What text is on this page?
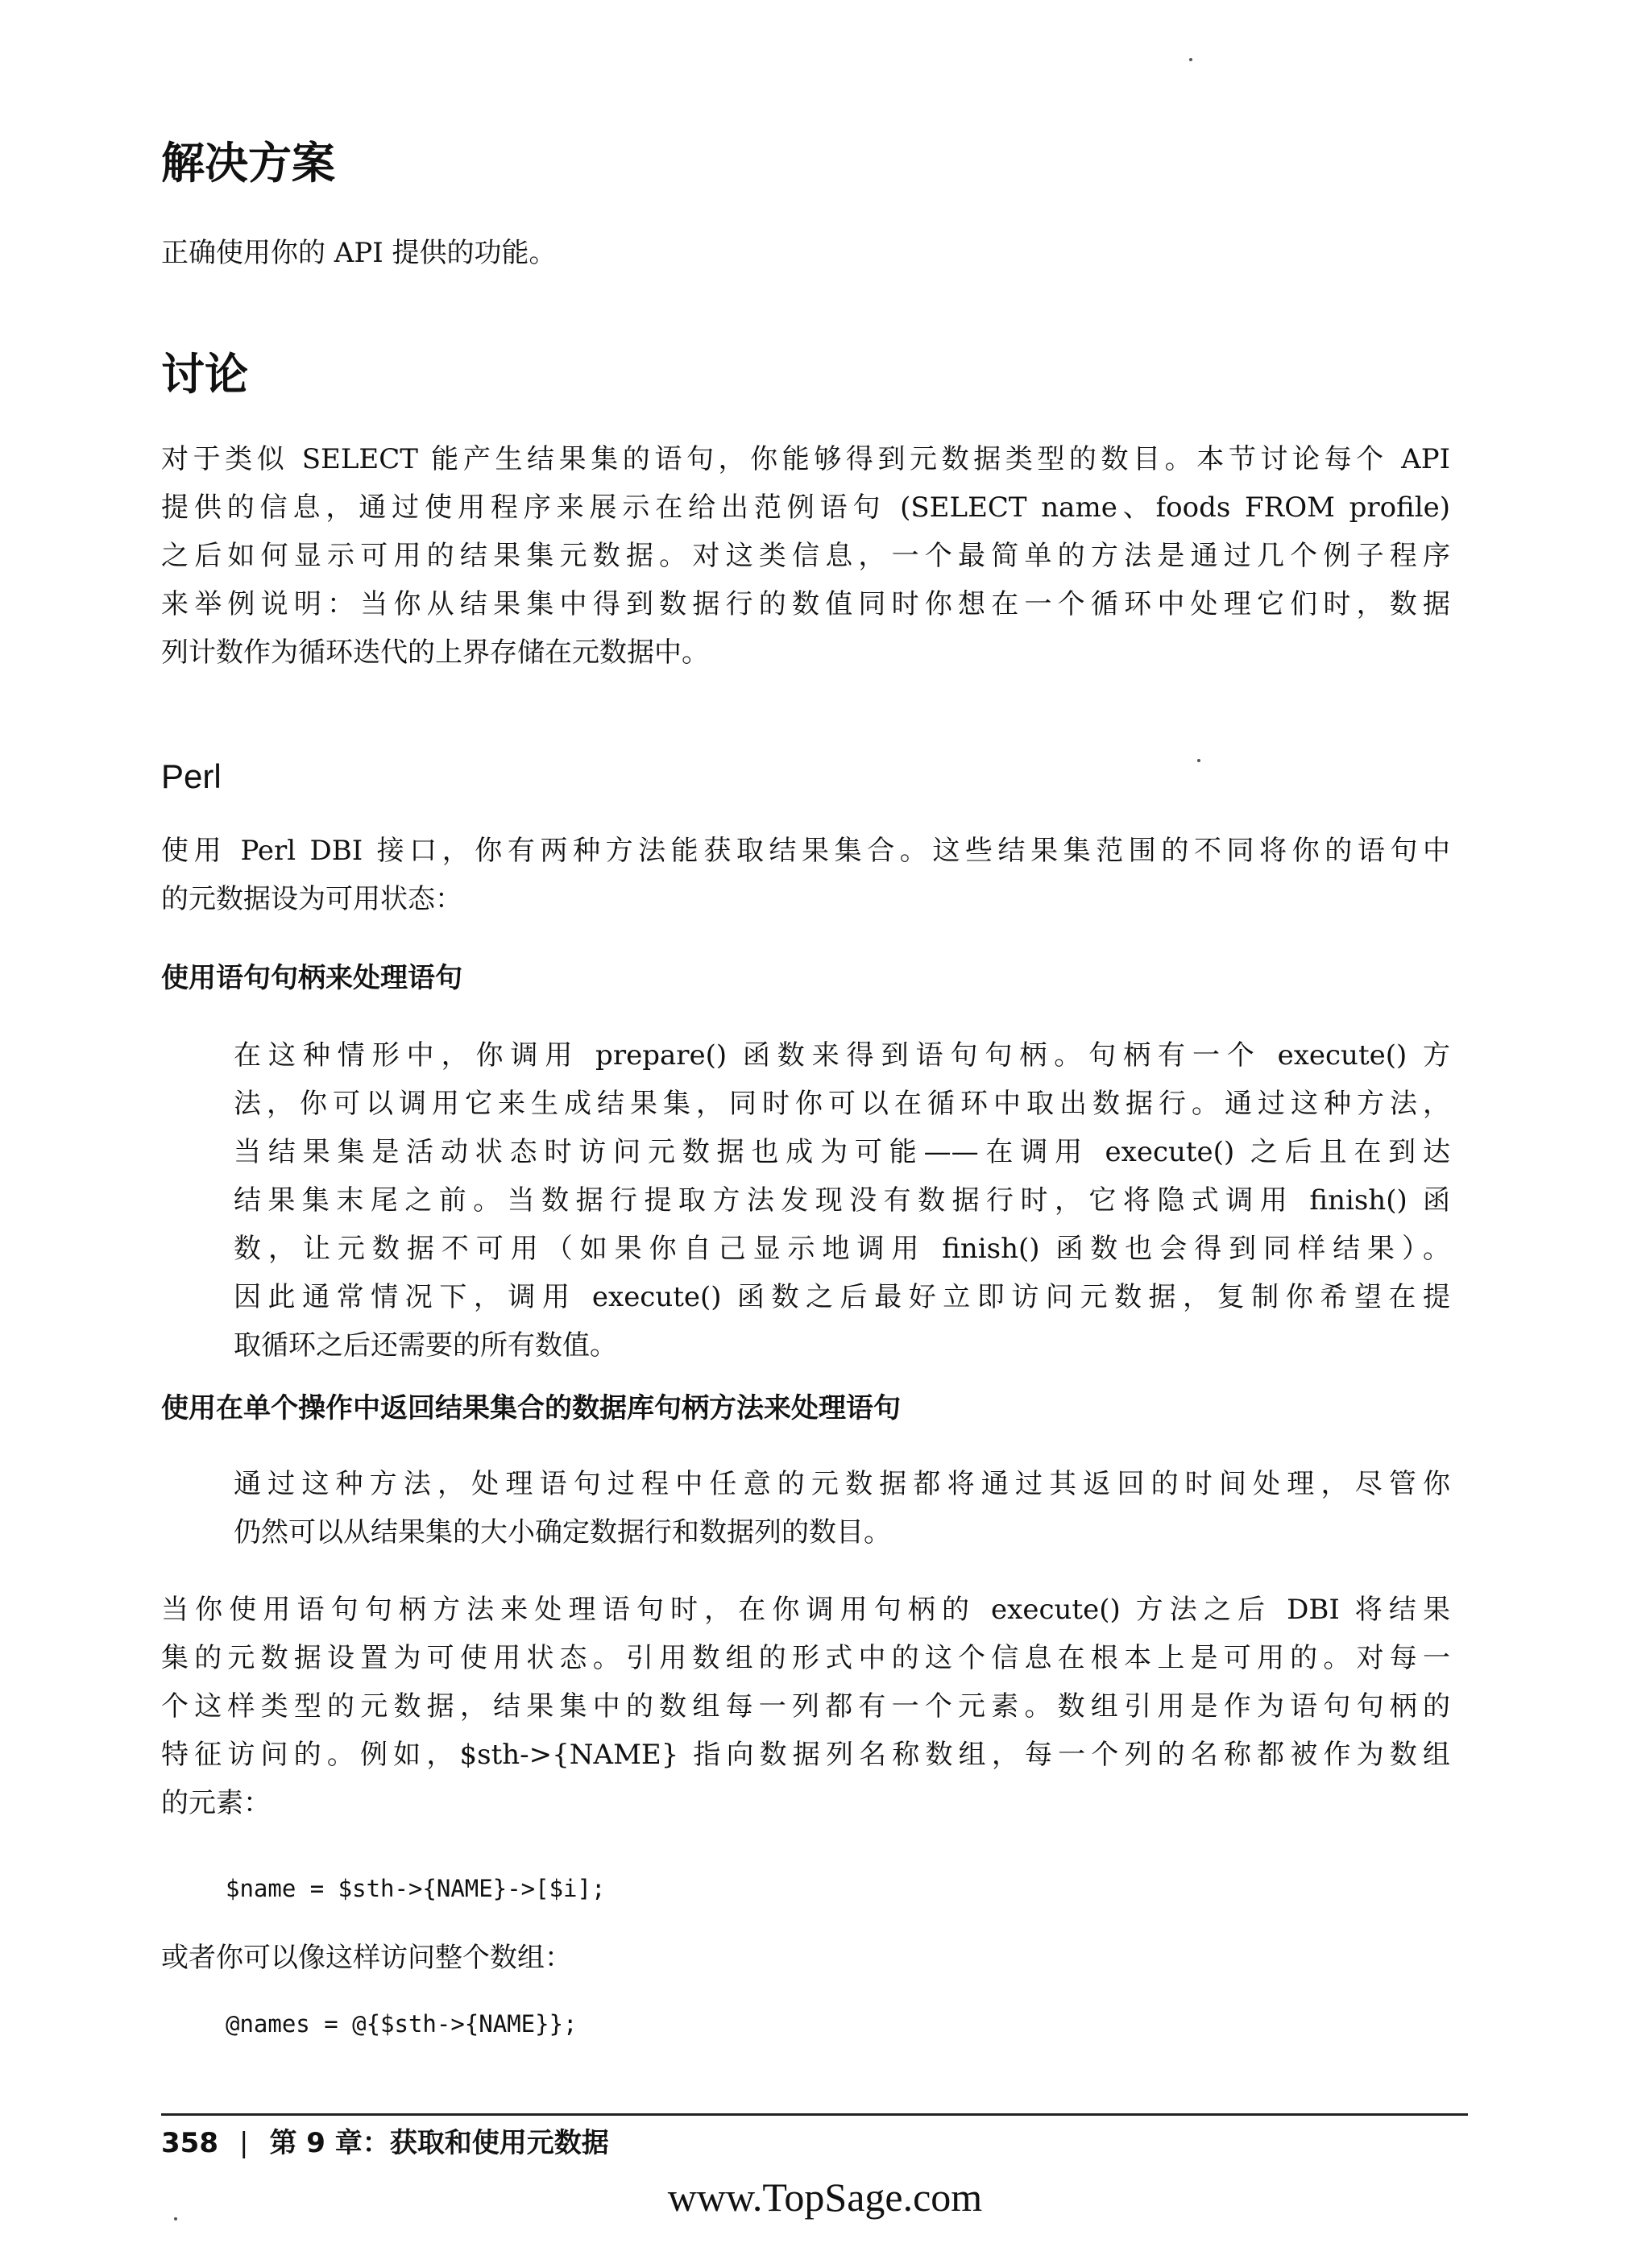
解决方案

正确使用你的 API 提供的功能。

讨论

对于类似 SELECT 能产生结果集的语句，你能够得到元数据类型的数目。本节讨论每个 API
提供的信息，通过使用程序来展示在给出范例语句 (SELECT name、foods FROM profile)
之后如何显示可用的结果集元数据。对这类信息，一个最简单的方法是通过几个例子程序
来举例说明：当你从结果集中得到数据行的数值同时你想在一个循环中处理它们时，数据
列计数作为循环迭代的上界存储在元数据中。

Perl

使用 Perl DBI 接口，你有两种方法能获取结果集合。这些结果集范围的不同将你的语句中
的元数据设为可用状态：

使用语句句柄来处理语句

在这种情形中，你调用 prepare() 函数来得到语句句柄。句柄有一个 execute() 方
法，你可以调用它来生成结果集，同时你可以在循环中取出数据行。通过这种方法，
当结果集是活动状态时访问元数据也成为可能——在调用 execute() 之后且在到达
结果集末尾之前。当数据行提取方法发现没有数据行时，它将隐式调用 finish() 函
数，让元数据不可用（如果你自己显示地调用 finish() 函数也会得到同样结果）。
因此通常情况下，调用 execute() 函数之后最好立即访问元数据，复制你希望在提
取循环之后还需要的所有数值。

使用在单个操作中返回结果集合的数据库句柄方法来处理语句

通过这种方法，处理语句过程中任意的元数据都将通过其返回的时间处理，尽管你
仍然可以从结果集的大小确定数据行和数据列的数目。

当你使用语句句柄方法来处理语句时，在你调用句柄的 execute() 方法之后 DBI 将结果
集的元数据设置为可使用状态。引用数组的形式中的这个信息在根本上是可用的。对每一
个这样类型的元数据，结果集中的数组每一列都有一个元素。数组引用是作为语句句柄的
特征访问的。例如，$sth->{NAME} 指向数据列名称数组，每一个列的名称都被作为数组
的元素：

$name = $sth->{NAME}->[$i];

或者你可以像这样访问整个数组：

@names = @{$sth->{NAME}};
358 | 第 9 章：获取和使用元数据
www.TopSage.com
